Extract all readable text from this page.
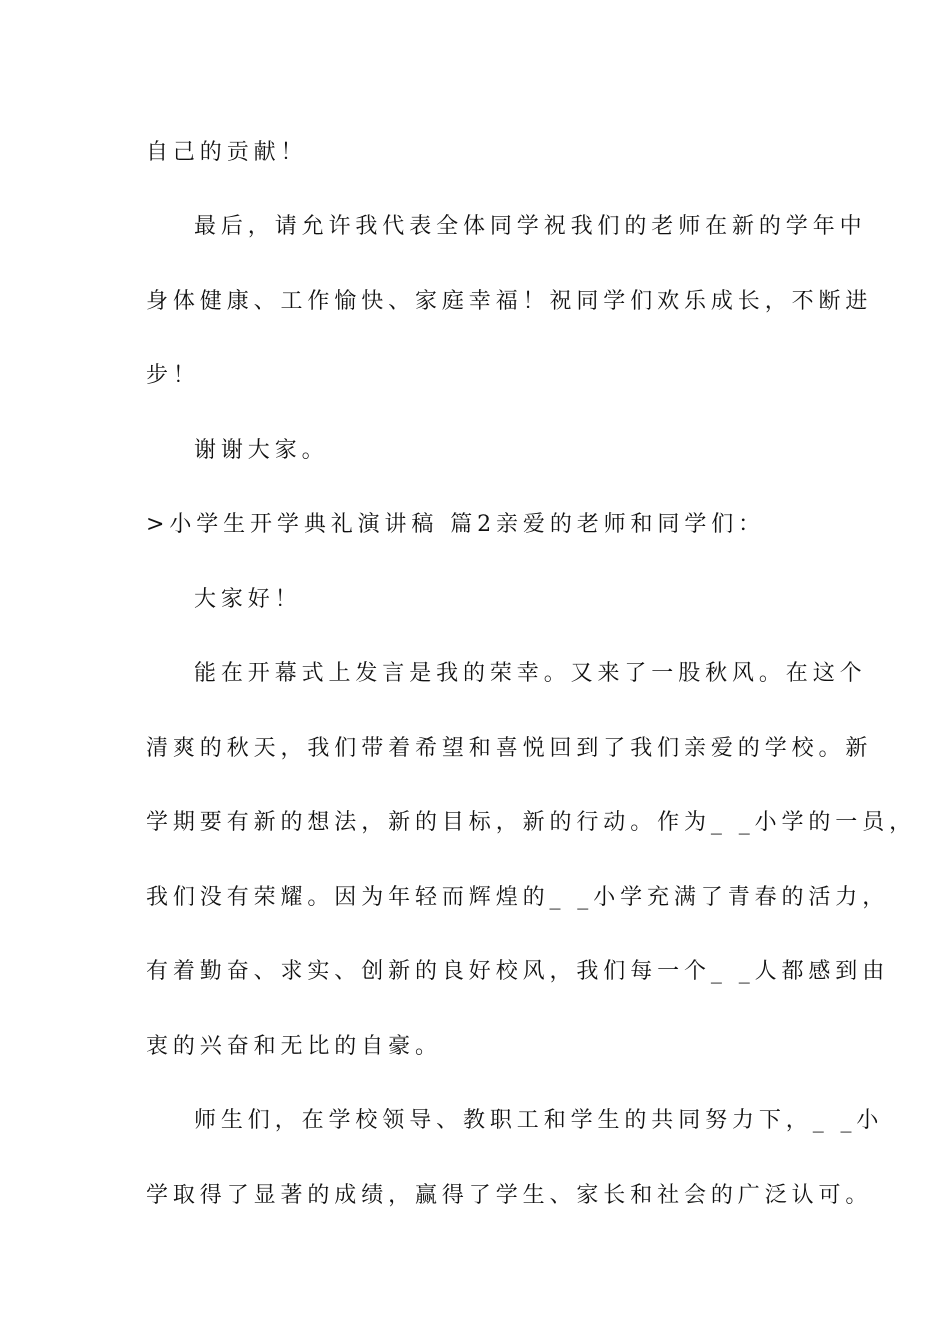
自己的贡献！
最后，请允许我代表全体同学祝我们的老师在新的学年中
身体健康、工作愉快、家庭幸福！祝同学们欢乐成长，不断进
步！
谢谢大家。
>小学生开学典礼演讲稿 篇2亲爱的老师和同学们：
大家好！
能在开幕式上发言是我的荣幸。又来了一股秋风。在这个
清爽的秋天，我们带着希望和喜悦回到了我们亲爱的学校。新
学期要有新的想法，新的目标，新的行动。作为_ _小学的一员，
我们没有荣耀。因为年轻而辉煌的_ _小学充满了青春的活力，
有着勤奋、求实、创新的良好校风，我们每一个_ _人都感到由
衷的兴奋和无比的自豪。
师生们，在学校领导、教职工和学生的共同努力下，_ _小
学取得了显著的成绩，赢得了学生、家长和社会的广泛认可。
